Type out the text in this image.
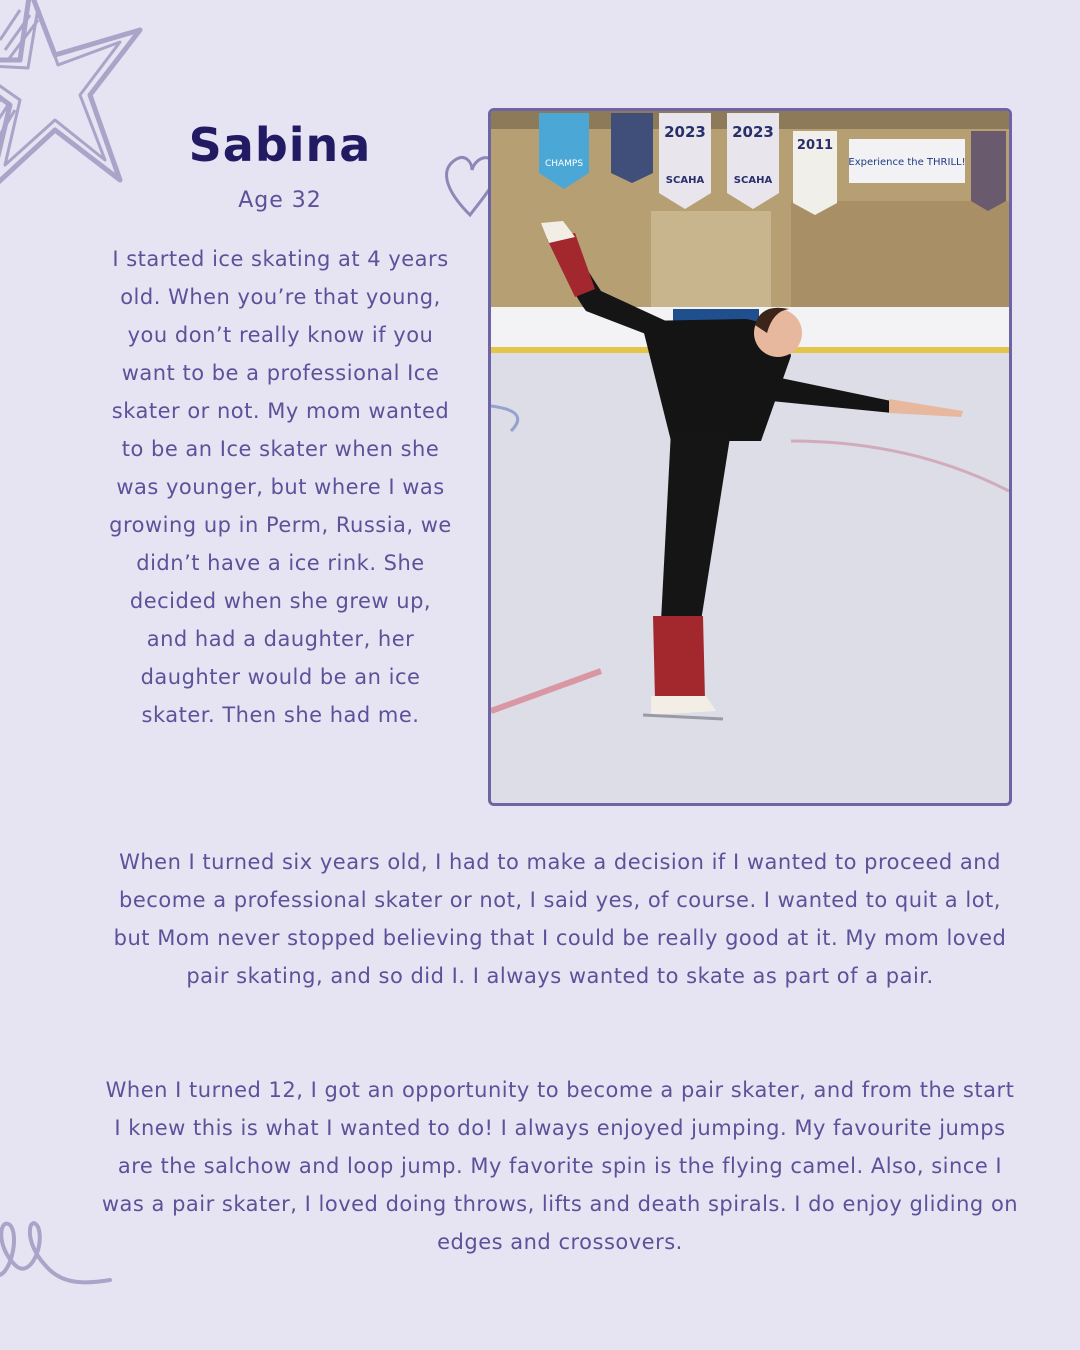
Sabina
Age 32

I started ice skating at 4 years old. When you’re that young, you don’t really know if you want to be a professional Ice skater or not. My mom wanted to be an Ice skater when she was younger, but where I was growing up in Perm, Russia, we didn’t have a ice rink. She decided when she grew up, and had a daughter, her daughter would be an ice skater. Then she had me.

CHAMPS
2023
SCAHA
2023
SCAHA
2011
Experience the THRILL!

When I turned six years old, I had to make a decision if I wanted to proceed and become a professional skater or not, I said yes, of course. I wanted to quit a lot, but Mom never stopped believing that I could be really good at it. My mom loved pair skating, and so did I. I always wanted to skate as part of a pair.

When I turned 12, I got an opportunity to become a pair skater, and from the start I knew this is what I wanted to do! I always enjoyed jumping. My favourite jumps are the salchow and loop jump. My favorite spin is the flying camel. Also, since I was a pair skater, I loved doing throws, lifts and death spirals. I do enjoy gliding on edges and crossovers.
